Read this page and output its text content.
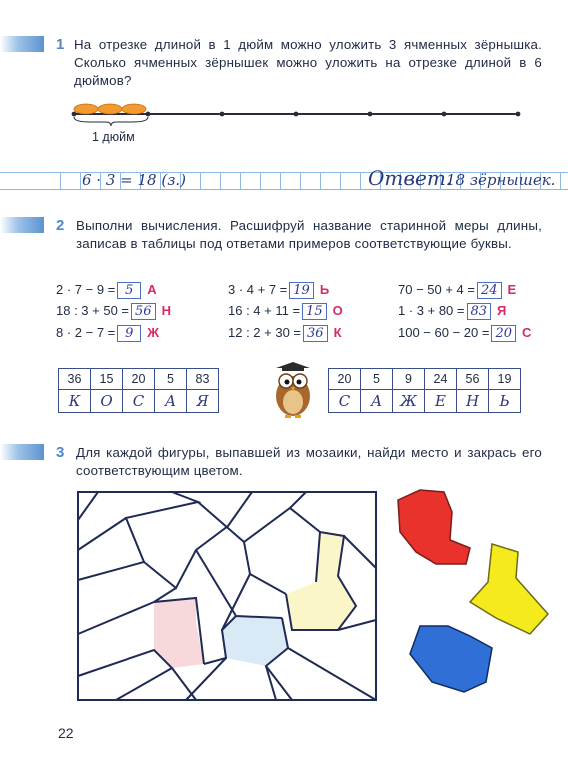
1 На отрезке длиной в 1 дюйм можно уложить 3 ячменных зёрнышка. Сколько ячменных зёрнышек можно уложить на отрезке длиной в 6 дюймов?
1 дюйм
6 · 3 = 18 (з.)	Ответ.
18 зёрнышек.
2 Выполни вычисления. Расшифруй название старинной меры длины, записав в таблицы под ответами примеров соответствующие буквы.
2 · 7 − 9 = 5 А
18 : 3 + 50 = 56 Н
8 · 2 − 7 = 9 Ж
3 · 4 + 7 = 19 Ь
16 : 4 + 11 = 15 О
12 : 2 + 30 = 36 К
70 − 50 + 4 = 24 Е
1 · 3 + 80 = 83 Я
100 − 60 − 20 = 20 С
36	15	20	5	83
К	О	С	А	Я
20	5	9	24	56	19
С	А	Ж	Е	Н	Ь
3 Для каждой фигуры, выпавшей из мозаики, найди место и закрась его соответствующим цветом.
22
